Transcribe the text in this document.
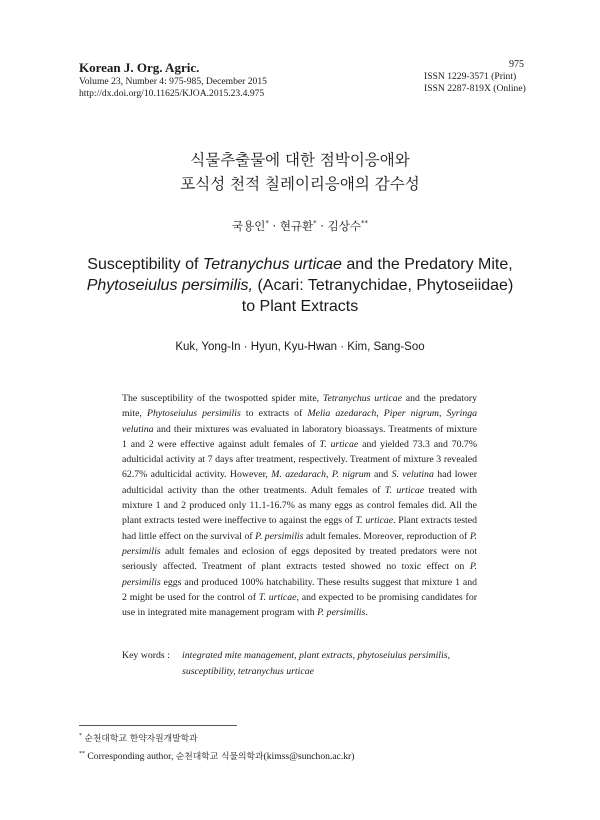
Korean J. Org. Agric.
Volume 23, Number 4: 975-985, December 2015
http://dx.doi.org/10.11625/KJOA.2015.23.4.975
975
ISSN 1229-3571 (Print)
ISSN 2287-819X (Online)
식물추출물에 대한 점박이응애와
포식성 천적 칠레이리응애의 감수성
국용인* · 현규환* · 김상수**
Susceptibility of Tetranychus urticae and the Predatory Mite,
Phytoseiulus persimilis, (Acari: Tetranychidae, Phytoseiidae)
to Plant Extracts
Kuk, Yong-In · Hyun, Kyu-Hwan · Kim, Sang-Soo

The susceptibility of the twospotted spider mite, Tetranychus urticae and the predatory mite, Phytoseiulus persimilis to extracts of Melia azedarach, Piper nigrum, Syringa velutina and their mixtures was evaluated in laboratory bioassays. Treatments of mixture 1 and 2 were effective against adult females of T. urticae and yielded 73.3 and 70.7% adulticidal activity at 7 days after treatment, respectively. Treatment of mixture 3 revealed 62.7% adulticidal activity. However, M. azedarach, P. nigrum and S. velutina had lower adulticidal activity than the other treatments. Adult females of T. urticae treated with mixture 1 and 2 produced only 11.1-16.7% as many eggs as control females did. All the plant extracts tested were ineffective to against the eggs of T. urticae. Plant extracts tested had little effect on the survival of P. persimilis adult females. Moreover, reproduction of P. persimilis adult females and eclosion of eggs deposited by treated predators were not seriously affected. Treatment of plant extracts tested showed no toxic effect on P. persimilis eggs and produced 100% hatchability. These results suggest that mixture 1 and 2 might be used for the control of T. urticae, and expected to be promising candidates for use in integrated mite management program with P. persimilis.

Key words : integrated mite management, plant extracts, phytoseiulus persimilis,
susceptibility, tetranychus urticae
* 순천대학교 한약자원개발학과
** Corresponding author, 순천대학교 식물의학과(kimss@sunchon.ac.kr)
